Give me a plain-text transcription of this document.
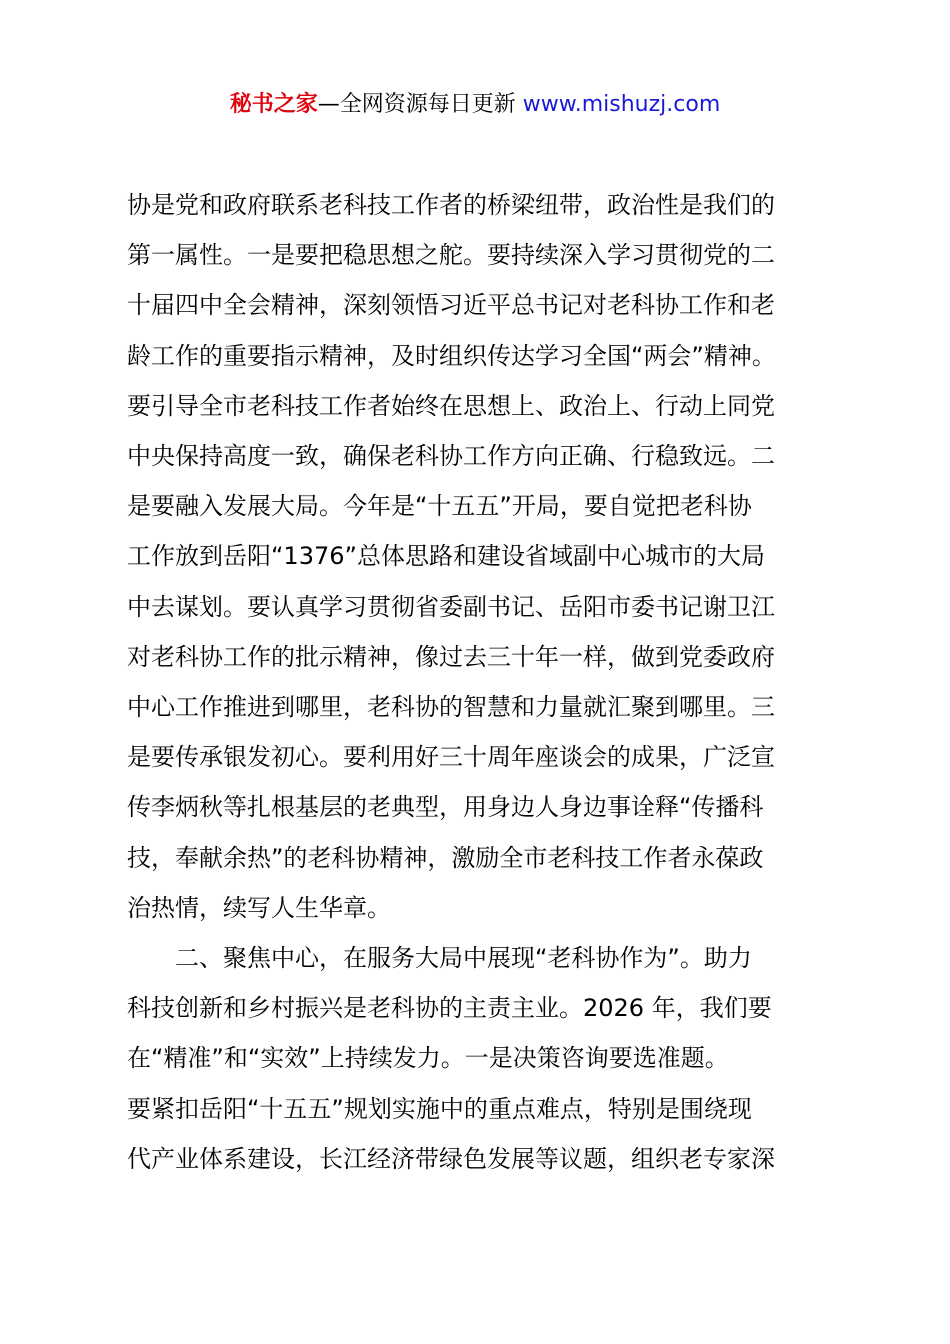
秘书之家—全网资源每日更新 www.mishuzj.com
协是党和政府联系老科技工作者的桥梁纽带，政治性是我们的
第一属性。一是要把稳思想之舵。要持续深入学习贯彻党的二
十届四中全会精神，深刻领悟习近平总书记对老科协工作和老
龄工作的重要指示精神，及时组织传达学习全国“两会”精神。
要引导全市老科技工作者始终在思想上、政治上、行动上同党
中央保持高度一致，确保老科协工作方向正确、行稳致远。二
是要融入发展大局。今年是“十五五”开局，要自觉把老科协
工作放到岳阳“1376”总体思路和建设省域副中心城市的大局
中去谋划。要认真学习贯彻省委副书记、岳阳市委书记谢卫江
对老科协工作的批示精神，像过去三十年一样，做到党委政府
中心工作推进到哪里，老科协的智慧和力量就汇聚到哪里。三
是要传承银发初心。要利用好三十周年座谈会的成果，广泛宣
传李炳秋等扎根基层的老典型，用身边人身边事诠释“传播科
技，奉献余热”的老科协精神，激励全市老科技工作者永葆政
治热情，续写人生华章。
二、聚焦中心，在服务大局中展现“老科协作为”。助力
科技创新和乡村振兴是老科协的主责主业。2026 年，我们要
在“精准”和“实效”上持续发力。一是决策咨询要选准题。
要紧扣岳阳“十五五”规划实施中的重点难点，特别是围绕现
代产业体系建设，长江经济带绿色发展等议题，组织老专家深
